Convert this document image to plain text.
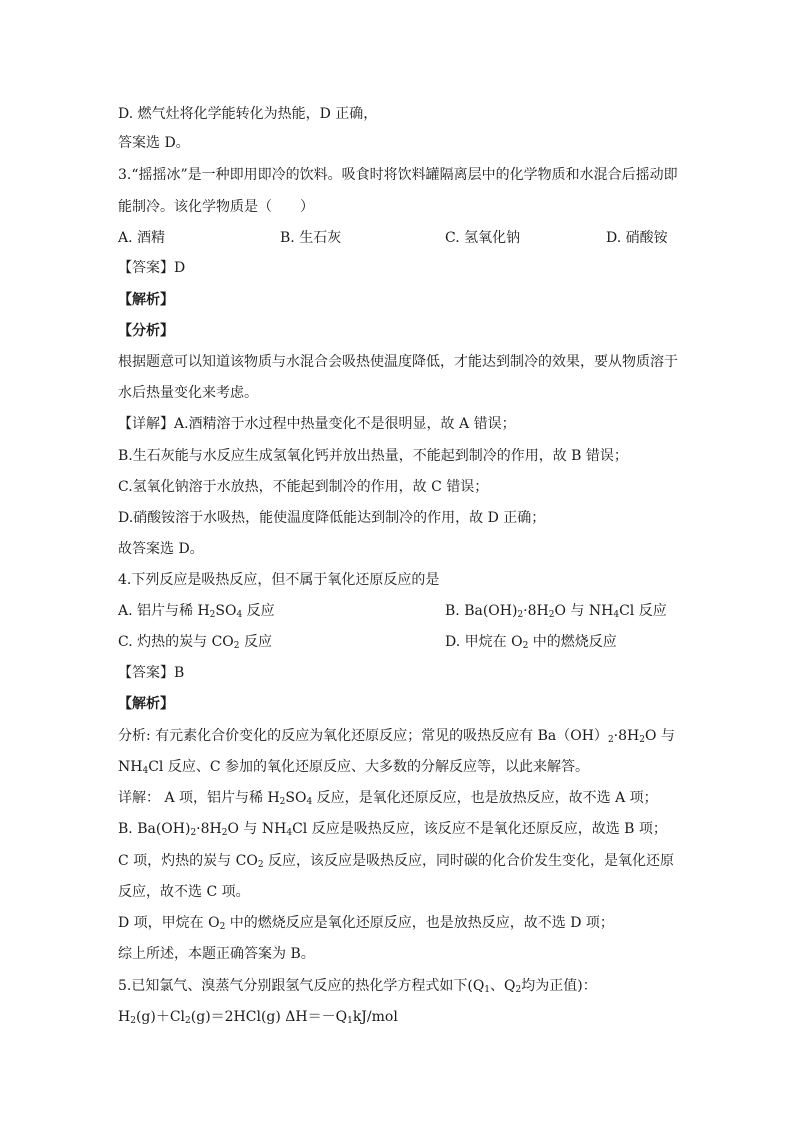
D. 燃气灶将化学能转化为热能，D 正确，
答案选 D。
3.“摇摇冰”是一种即用即冷的饮料。吸食时将饮料罐隔离层中的化学物质和水混合后摇动即
能制冷。该化学物质是（　　）
A. 酒精	B. 生石灰	C. 氢氧化钠	D. 硝酸铵
【答案】D
【解析】
【分析】
根据题意可以知道该物质与水混合会吸热使温度降低，才能达到制冷的效果，要从物质溶于
水后热量变化来考虑。
【详解】A.酒精溶于水过程中热量变化不是很明显，故 A 错误；
B.生石灰能与水反应生成氢氧化钙并放出热量，不能起到制冷的作用，故 B 错误；
C.氢氧化钠溶于水放热，不能起到制冷的作用，故 C 错误；
D.硝酸铵溶于水吸热，能使温度降低能达到制冷的作用，故 D 正确；
故答案选 D。
4.下列反应是吸热反应，但不属于氧化还原反应的是
A. 铝片与稀 $H_2SO_4$ 反应	B. $Ba(OH)_2\cdot 8H_2O$ 与 $NH_4Cl$ 反应
C. 灼热的炭与 $CO_2$ 反应	D. 甲烷在 $O_2$ 中的燃烧反应
【答案】B
【解析】
分析: 有元素化合价变化的反应为氧化还原反应；常见的吸热反应有 $Ba(OH)_2\cdot 8H_2O$ 与
$NH_4Cl$ 反应、C 参加的氧化还原反应、大多数的分解反应等，以此来解答。
详解： A 项，铝片与稀 $H_2SO_4$ 反应，是氧化还原反应，也是放热反应，故不选 A 项；
B. $Ba(OH)_2\cdot 8H_2O$ 与 $NH_4Cl$ 反应是吸热反应，该反应不是氧化还原反应，故选 B 项；
C 项，灼热的炭与 $CO_2$ 反应，该反应是吸热反应，同时碳的化合价发生变化，是氧化还原
反应，故不选 C 项。
D 项，甲烷在 $O_2$ 中的燃烧反应是氧化还原反应，也是放热反应，故不选 D 项；
综上所述，本题正确答案为 B。
5.已知氯气、溴蒸气分别跟氢气反应的热化学方程式如下($Q_1$、$Q_2$均为正值)：
$H_2(g)+Cl_2(g)=2HCl(g)$ $\Delta H=-Q_1kJ$/mol
